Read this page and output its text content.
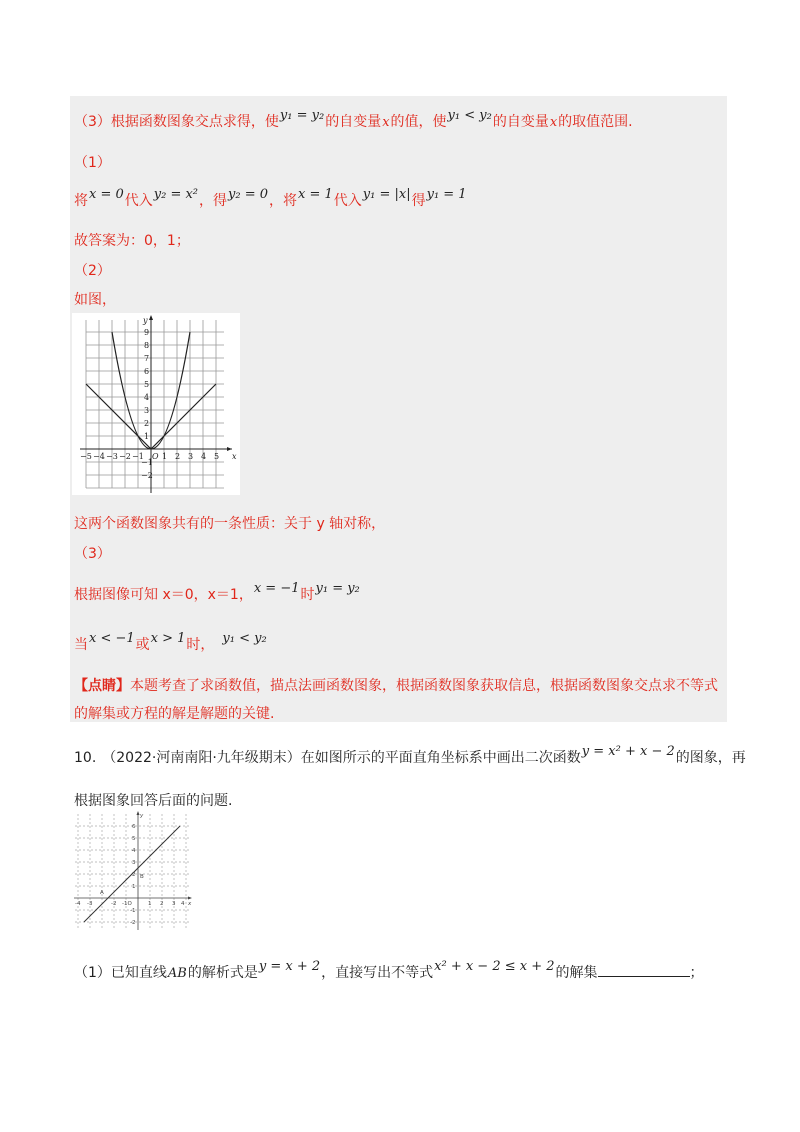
（3）根据函数图象交点求得，使y₁ = y₂的自变量x的值，使y₁ < y₂的自变量x的取值范围.
（1）
将x = 0代入y₂ = x²，得y₂ = 0，将x = 1代入y₁ = |x|得y₁ = 1
故答案为：0，1；
（2）
如图，
x
y
O
−5 −4 −3 −2 −1 1 2 3 4 5
9
8
7
6
5
4
3
2
1
−1
−2
这两个函数图象共有的一条性质：关于 y 轴对称，
（3）
根据图像可知 x＝0，x＝1，x = −1时y₁ = y₂
当x < −1或x > 1时， y₁ < y₂
【点睛】本题考查了求函数值，描点法画函数图象，根据函数图象获取信息，根据函数图象交点求不等式
的解集或方程的解是解题的关键.
10. （2022·河南南阳·九年级期末）在如图所示的平面直角坐标系中画出二次函数y = x² + x − 2的图象，再
根据图象回答后面的问题.
x
y
-1O
A
B
-4 -3	-2	1 2 3 4
6
5
4
3
2
1
-1
-2
（1）已知直线AB的解析式是y = x + 2，直接写出不等式x² + x − 2 ≤ x + 2的解集	；
